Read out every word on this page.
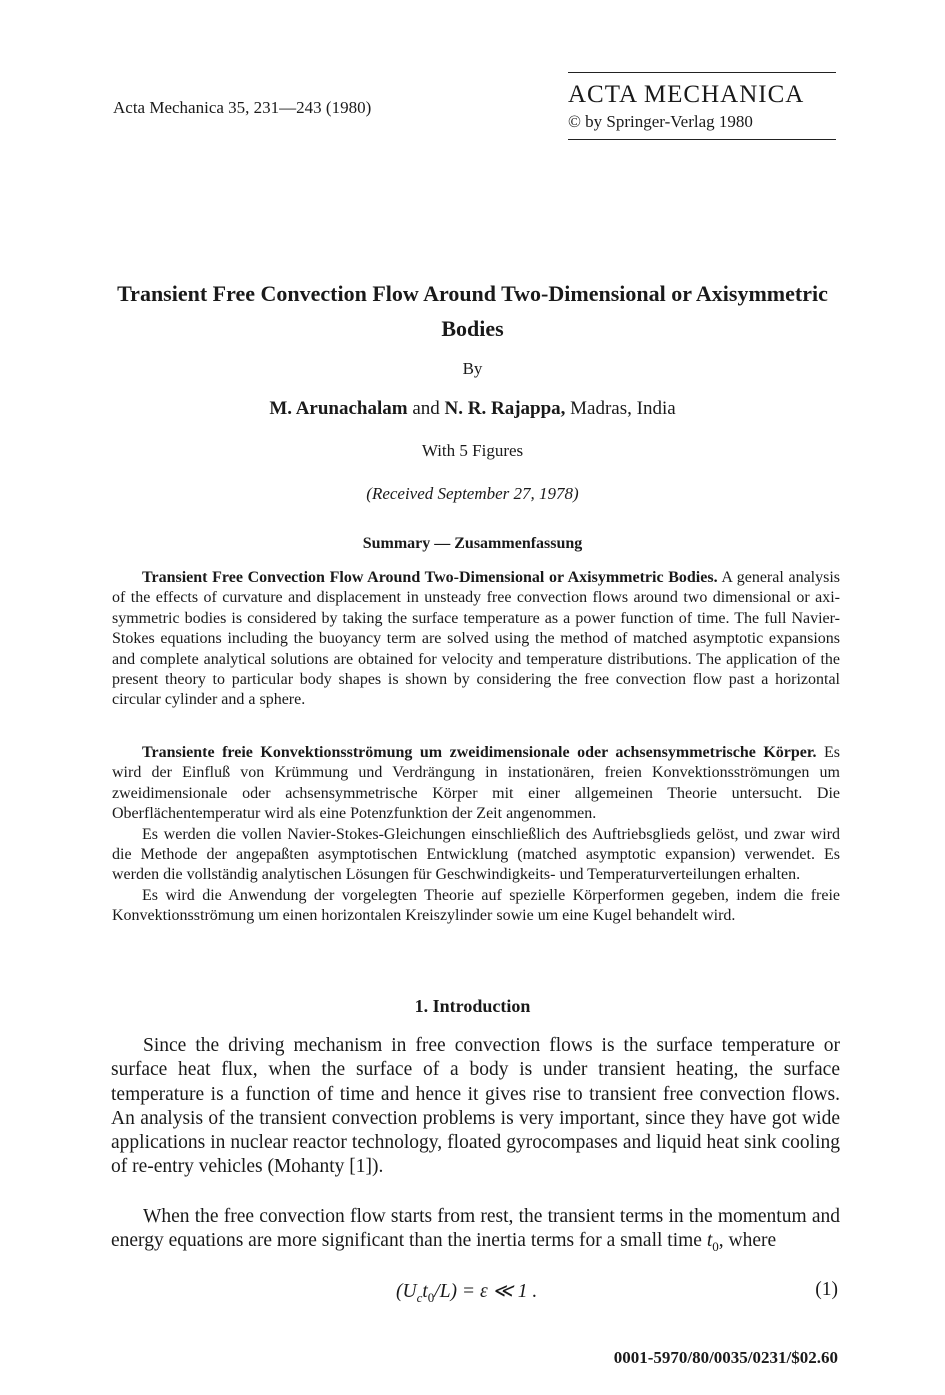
Acta Mechanica 35, 231—243 (1980)	ACTA MECHANICA
© by Springer-Verlag 1980
Transient Free Convection Flow Around Two-Dimensional or Axisymmetric Bodies
By
M. Arunachalam and N. R. Rajappa, Madras, India
With 5 Figures
(Received September 27, 1978)
Summary — Zusammenfassung

Transient Free Convection Flow Around Two-Dimensional or Axisymmetric Bodies. A general analysis of the effects of curvature and displacement in unsteady free convection flows around two dimensional or axi-symmetric bodies is considered by taking the surface temperature as a power function of time. The full Navier-Stokes equations including the buoyancy term are solved using the method of matched asymptotic expansions and complete analytical solutions are obtained for velocity and temperature distributions. The application of the present theory to particular body shapes is shown by considering the free convection flow past a horizontal circular cylinder and a sphere.

Transiente freie Konvektionsströmung um zweidimensionale oder achsensymmetrische Körper. Es wird der Einfluß von Krümmung und Verdrängung in instationären, freien Konvektionsströmungen um zweidimensionale oder achsensymmetrische Körper mit einer allgemeinen Theorie untersucht. Die Oberflächentemperatur wird als eine Potenzfunktion der Zeit angenommen.

Es werden die vollen Navier-Stokes-Gleichungen einschließlich des Auftriebsglieds gelöst, und zwar wird die Methode der angepaßten asymptotischen Entwicklung (matched asymptotic expansion) verwendet. Es werden die vollständig analytischen Lösungen für Geschwindigkeits- und Temperaturverteilungen erhalten.

Es wird die Anwendung der vorgelegten Theorie auf spezielle Körperformen gegeben, indem die freie Konvektionsströmung um einen horizontalen Kreiszylinder sowie um eine Kugel behandelt wird.

1. Introduction

Since the driving mechanism in free convection flows is the surface temperature or surface heat flux, when the surface of a body is under transient heating, the surface temperature is a function of time and hence it gives rise to transient free convection flows. An analysis of the transient convection problems is very important, since they have got wide applications in nuclear reactor technology, floated gyrocompases and liquid heat sink cooling of re-entry vehicles (Mohanty [1]).

When the free convection flow starts from rest, the transient terms in the momentum and energy equations are more significant than the inertia terms for a small time $t_0$, where

$(U_ct_0/L) = \varepsilon$ ≪ 1 .	(1)
0001-5970/80/0035/0231/$02.60
